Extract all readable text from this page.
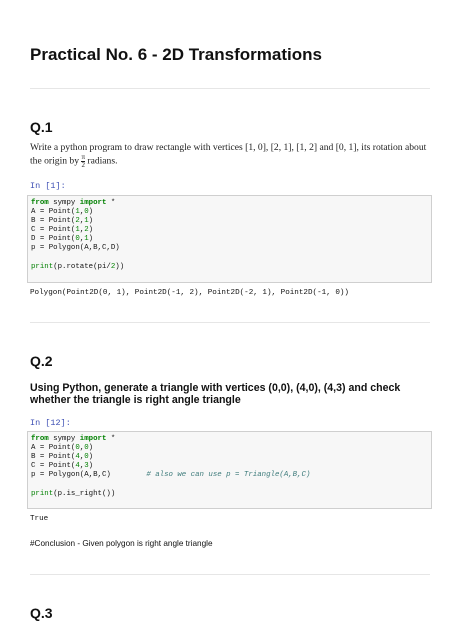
Practical No. 6 - 2D Transformations
Q.1
Write a python program to draw rectangle with vertices [1, 0], [2, 1], [1, 2] and [0, 1], its rotation about the origin by $\frac{\pi}{2}$ radians.
In [1]:
from sympy import *
A = Point(1,0)
B = Point(2,1)
C = Point(1,2)
D = Point(0,1)
p = Polygon(A,B,C,D)

print(p.rotate(pi/2))
Polygon(Point2D(0, 1), Point2D(-1, 2), Point2D(-2, 1), Point2D(-1, 0))
Q.2
Using Python, generate a triangle with vertices (0,0), (4,0), (4,3) and check whether the triangle is right angle triangle
In [12]:
from sympy import *
A = Point(0,0)
B = Point(4,0)
C = Point(4,3)
p = Polygon(A,B,C)	# also we can use p = Triangle(A,B,C)

print(p.is_right())
True
#Conclusion - Given polygon is right angle triangle
Q.3
